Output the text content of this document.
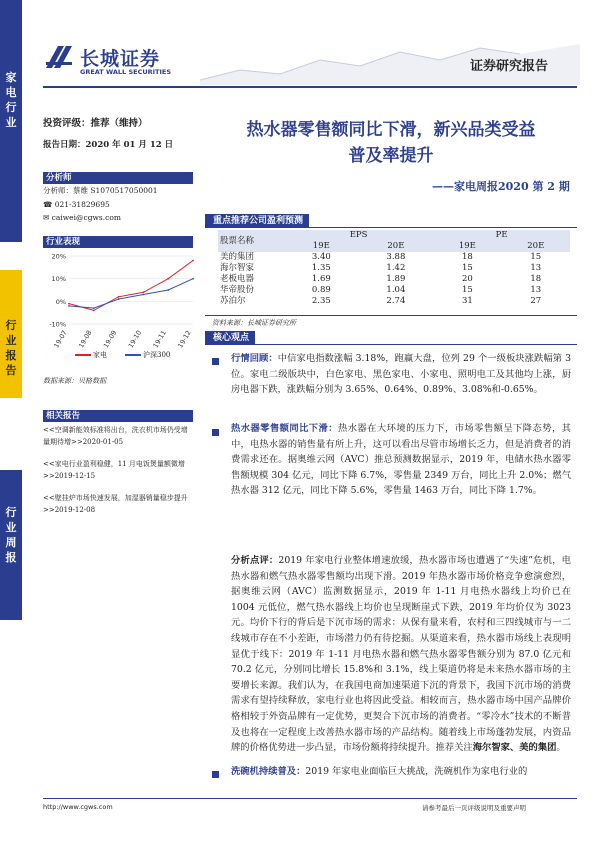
家电行业
行业报告
行业周报
长城证券
GREAT WALL SECURITIES	证券研究报告
投资评级：推荐（维持）
报告日期：2020 年 01 月 12 日
分析师
分析师：蔡维 S1070517050001
☎ 021-31829695
✉ caiwei@cgws.com
行业表现
20%
10%
0%
-10%
19-07 19-08 19-09 19-10 19-11 19-12
家电	沪深300
数据来源：贝格数据
相关报告
<<空调新能效标准将出台，洗衣机市场仍受增量期待增>>2020-01-05
<<家电行业盈利稳健，11 月电饭煲量额微增>>2019-12-15
<<壁挂炉市场快速发展，加湿器销量稳步提升>>2019-12-08
热水器零售额同比下滑，新兴品类受益
普及率提升
——家电周报2020 第 2 期
重点推荐公司盈利预测
股票名称	EPS		PE	
	19E	20E	19E	20E
美的集团	3.40	3.88	18	15
海尔智家	1.35	1.42	15	13
老板电器	1.69	1.89	20	18
华帝股份	0.89	1.04	15	13
苏泊尔	2.35	2.74	31	27
资料来源：长城证券研究所
核心观点
行情回顾：中信家电指数涨幅 3.18%，跑赢大盘，位列 29 个一级板块涨跌幅第 3 位。家电二级版块中，白色家电、黑色家电、小家电、照明电工及其他均上涨，厨房电器下跌，涨跌幅分别为 3.65%、0.64%、0.89%、3.08%和-0.65%。
热水器零售额同比下滑：热水器在大环境的压力下，市场零售额呈下降态势，其中，电热水器的销售量有所上升，这可以看出尽管市场增长乏力，但是消费者的消费需求还在。据奥维云网（AVC）推总预测数据显示，2019 年，电储水热水器零售额规模 304 亿元，同比下降 6.7%，零售量 2349 万台，同比上升 2.0%；燃气热水器 312 亿元，同比下降 5.6%，零售量 1463 万台，同比下降 1.7%。
分析点评：2019 年家电行业整体增速放缓，热水器市场也遭遇了“失速”危机，电热水器和燃气热水器零售额均出现下滑。2019 年热水器市场价格竞争愈演愈烈，据奥维云网（AVC）监测数据显示，2019 年 1-11 月电热水器线上均价已在 1004 元低位，燃气热水器线上均价也呈现断崖式下跌，2019 年均价仅为 3023 元。均价下行的背后是下沉市场的需求：从保有量来看，农村和三四线城市与一二线城市存在不小差距，市场潜力仍有待挖掘。从渠道来看，热水器市场线上表现明显优于线下：2019 年 1-11 月电热水器和燃气热水器零售额分别为 87.0 亿元和 70.2 亿元，分别同比增长 15.8%和 3.1%，线上渠道仍将是未来热水器市场的主要增长来源。我们认为，在我国电商加速渠道下沉的背景下，我国下沉市场的消费需求有望持续释放，家电行业也将因此受益。相较而言，热水器市场中国产品牌价格相较于外资品牌有一定优势，更契合下沉市场的消费者。“零冷水”技术的不断普及也将在一定程度上改善热水器市场的产品结构。随着线上市场蓬勃发展，内资品牌的价格优势进一步凸显，市场份额将持续提升。推荐关注海尔智家、美的集团。
洗碗机持续普及：2019 年家电业面临巨大挑战，洗碗机作为家电行业的
http://www.cgws.com	请参考最后一页评级说明及重要声明
